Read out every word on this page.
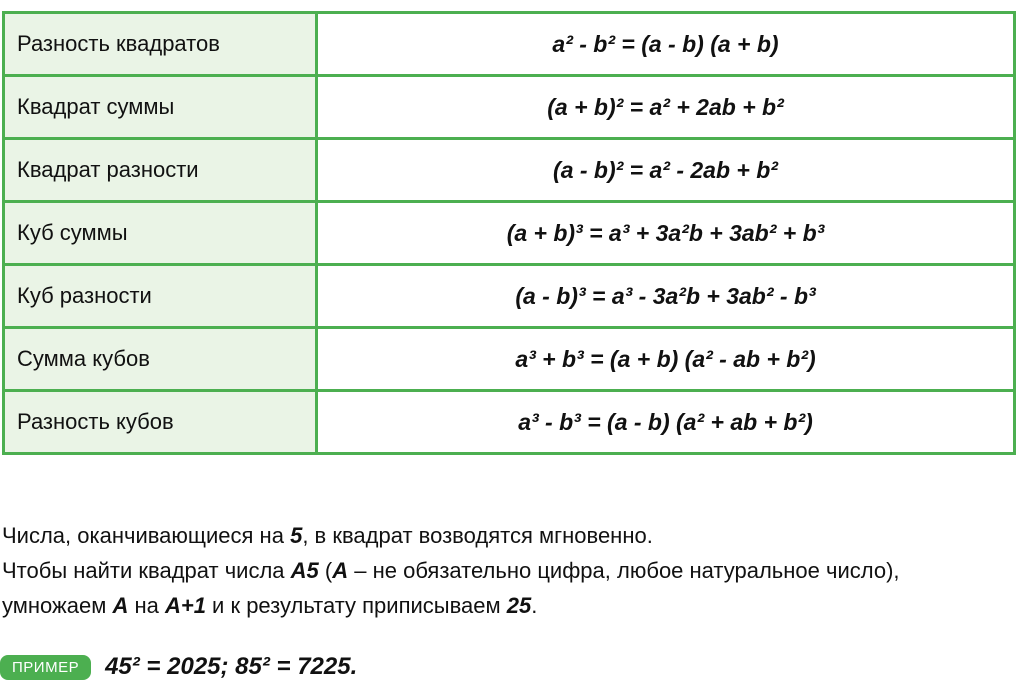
Разность квадратов	a² - b² = (a - b) (a + b)
Квадрат суммы	(a + b)² = a² + 2ab + b²
Квадрат разности	(a - b)² = a² - 2ab + b²
Куб суммы	(a + b)³ = a³ + 3a²b + 3ab² + b³
Куб разности	(a - b)³ = a³ - 3a²b + 3ab² - b³
Сумма кубов	a³ + b³ = (a + b) (a² - ab + b²)
Разность кубов	a³ - b³ = (a - b) (a² + ab + b²)

Числа, оканчивающиеся на 5, в квадрат возводятся мгновенно.

Чтобы найти квадрат числа A5 (A – не обязательно цифра, любое натуральное число),

умножаем A на A+1 и к результату приписываем 25.

ПРИМЕР	45² = 2025; 85² = 7225.
